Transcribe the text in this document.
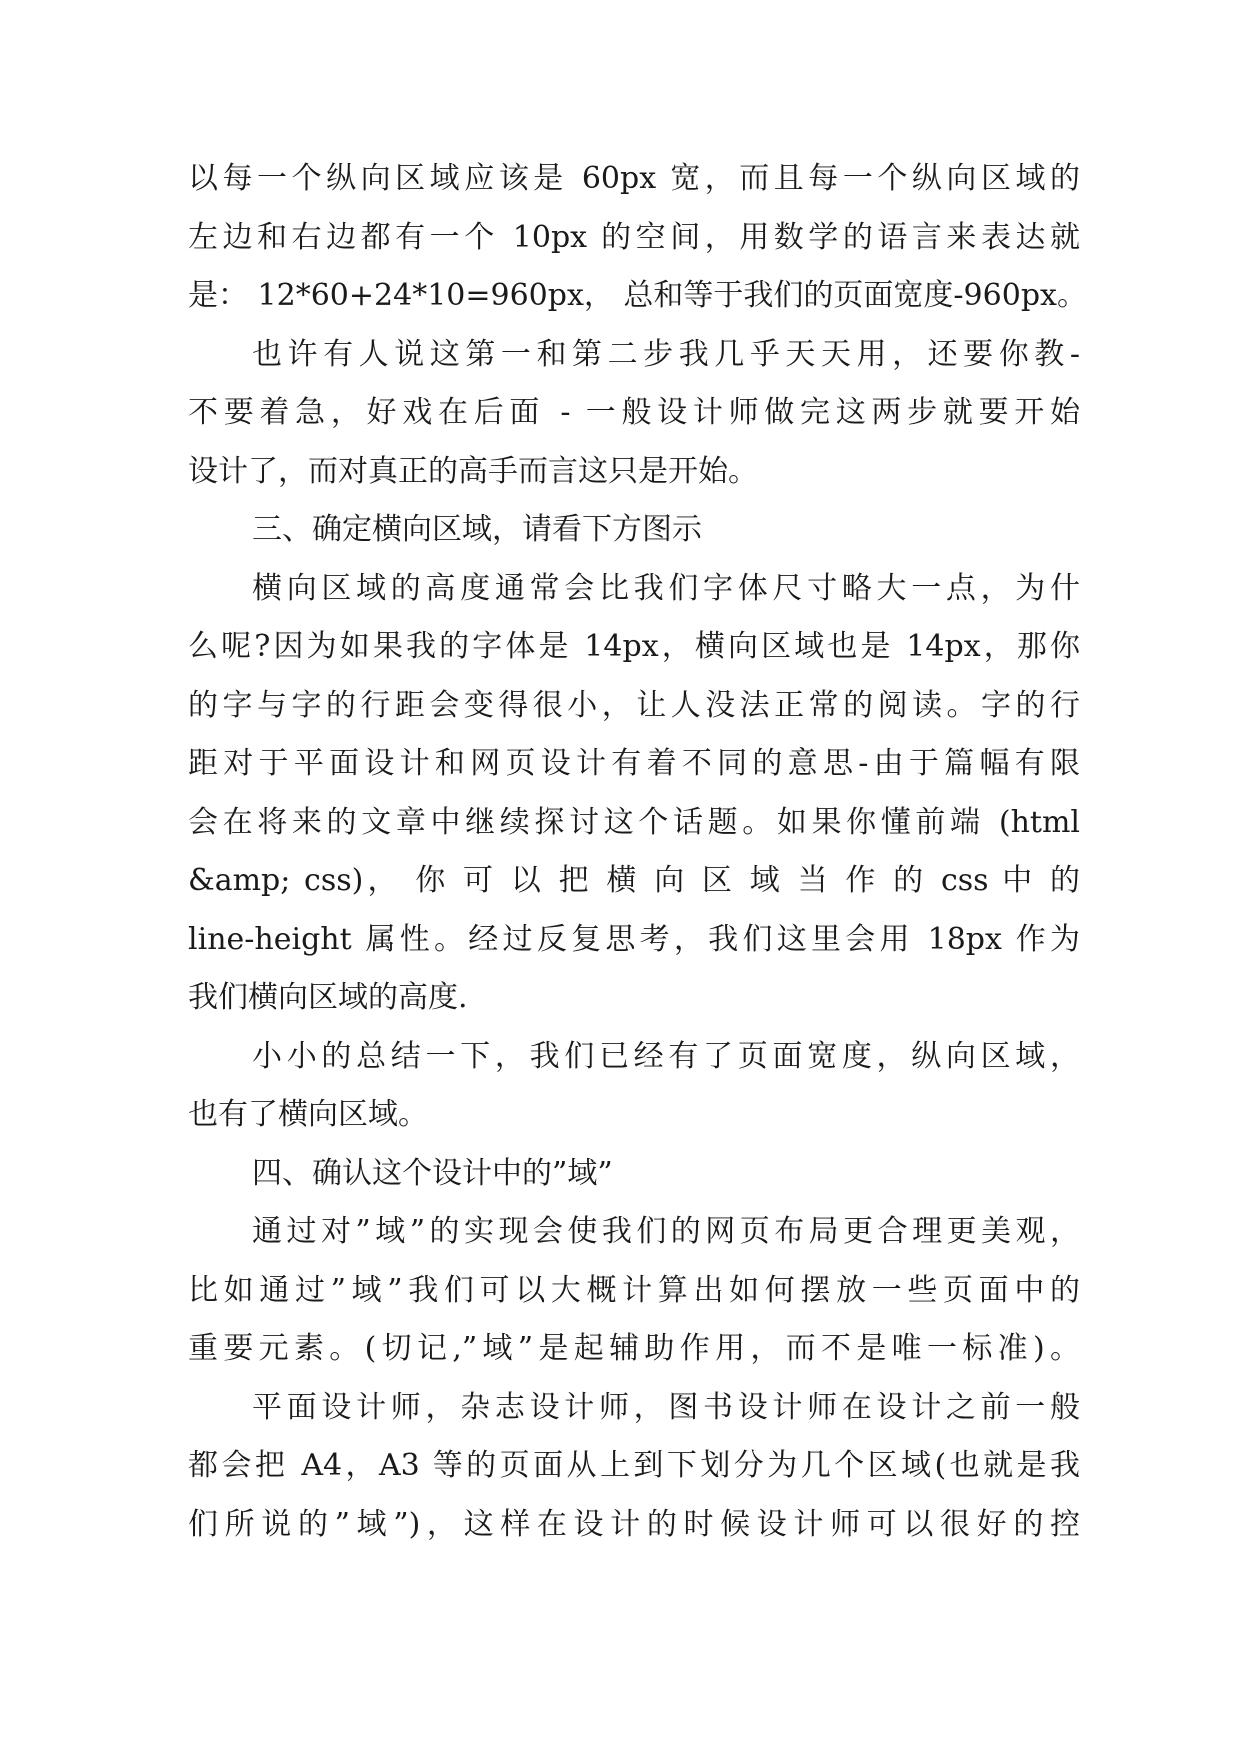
以每一个纵向区域应该是 60px 宽，而且每一个纵向区域的
左边和右边都有一个 10px 的空间，用数学的语言来表达就
是： 12*60+24*10=960px， 总和等于我们的页面宽度-960px。
也许有人说这第一和第二步我几乎天天用，还要你教-
不要着急，好戏在后面 - 一般设计师做完这两步就要开始
设计了，而对真正的高手而言这只是开始。
三、确定横向区域，请看下方图示
横向区域的高度通常会比我们字体尺寸略大一点，为什
么呢?因为如果我的字体是 14px，横向区域也是 14px，那你
的字与字的行距会变得很小，让人没法正常的阅读。字的行
距对于平面设计和网页设计有着不同的意思-由于篇幅有限
会在将来的文章中继续探讨这个话题。如果你懂前端 (html
&amp; css)， 你 可 以 把 横 向 区 域 当 作 的 css 中 的
line-height 属性。经过反复思考，我们这里会用 18px 作为
我们横向区域的高度.
小小的总结一下，我们已经有了页面宽度，纵向区域，
也有了横向区域。
四、确认这个设计中的”域”
通过对”域”的实现会使我们的网页布局更合理更美观，
比如通过”域”我们可以大概计算出如何摆放一些页面中的
重要元素。(切记,”域”是起辅助作用，而不是唯一标准)。
平面设计师，杂志设计师，图书设计师在设计之前一般
都会把 A4，A3 等的页面从上到下划分为几个区域(也就是我
们所说的”域”)，这样在设计的时候设计师可以很好的控
